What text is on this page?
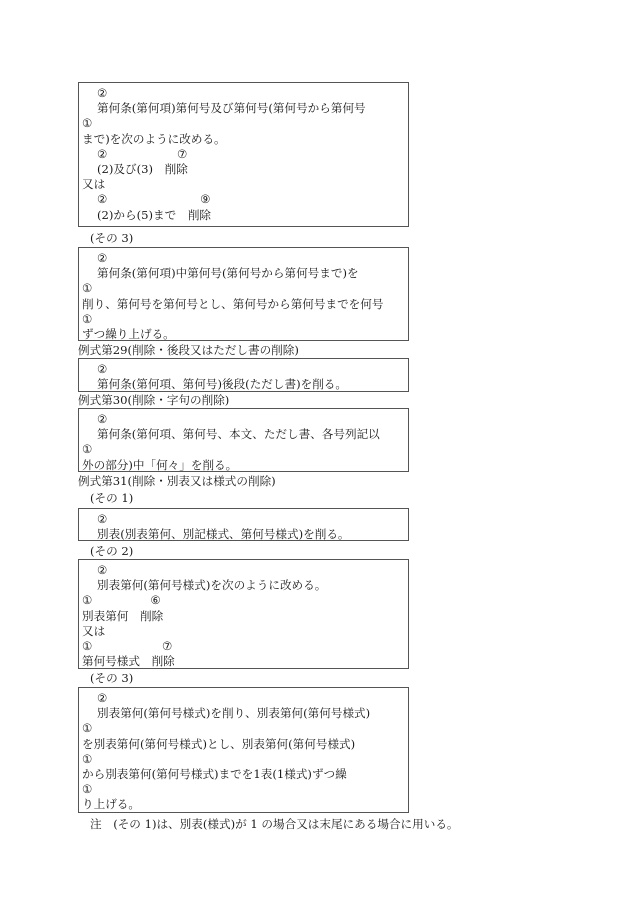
②
第何条(第何項)第何号及び第何号(第何号から第何号
①
まで)を次のように改める。
②　　　　　　⑦
(2)及び(3)　削除
又は
②　　　　　　　　⑨
(2)から(5)まで　削除
(その 3)
②
第何条(第何項)中第何号(第何号から第何号まで)を
①
削り、第何号を第何号とし、第何号から第何号までを何号
①
ずつ繰り上げる。
例式第29(削除・後段又はただし書の削除)
②
第何条(第何項、第何号)後段(ただし書)を削る。
例式第30(削除・字句の削除)
②
第何条(第何項、第何号、本文、ただし書、各号列記以
①
外の部分)中「何々」を削る。
例式第31(削除・別表又は様式の削除)
(その 1)
②
別表(別表第何、別記様式、第何号様式)を削る。
(その 2)
②
別表第何(第何号様式)を次のように改める。
①　　　　　⑥
別表第何　削除
又は
①　　　　　　⑦
第何号様式　削除
(その 3)
②
別表第何(第何号様式)を削り、別表第何(第何号様式)
①
を別表第何(第何号様式)とし、別表第何(第何号様式)
①
から別表第何(第何号様式)までを1表(1様式)ずつ繰
①
り上げる。
注　(その 1)は、別表(様式)が 1 の場合又は末尾にある場合に用いる。
